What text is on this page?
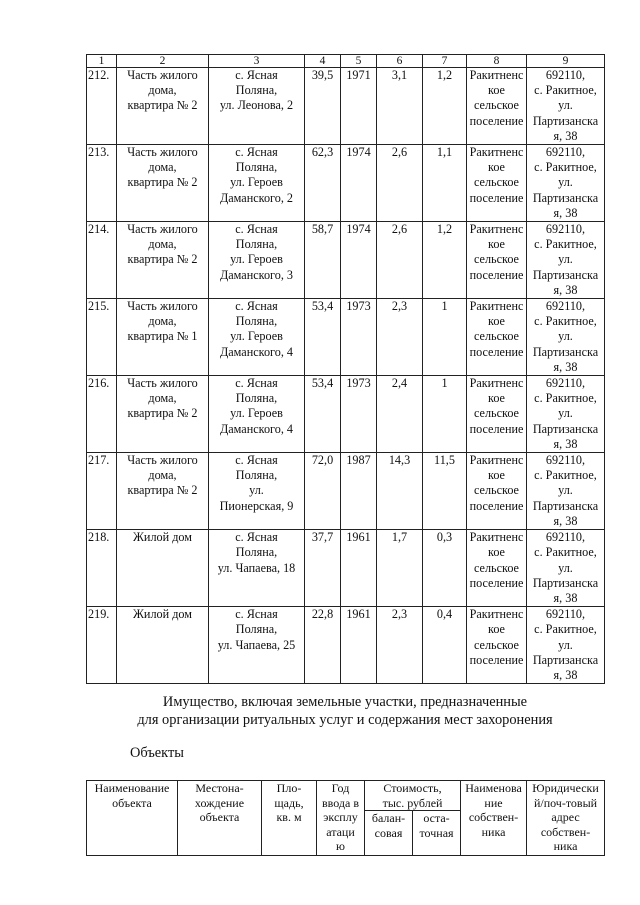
1	2	3	4	5	6	7	8	9
212.	Часть жилого
дома,
квартира № 2	с. Ясная
Поляна,
ул. Леонова, 2	39,5	1971	3,1	1,2	Ракитненс
кое
сельское
поселение	692110,
с. Ракитное,
ул.
Партизанска
я, 38
213.	Часть жилого
дома,
квартира № 2	с. Ясная
Поляна,
ул. Героев
Даманского, 2	62,3	1974	2,6	1,1	Ракитненс
кое
сельское
поселение	692110,
с. Ракитное,
ул.
Партизанска
я, 38
214.	Часть жилого
дома,
квартира № 2	с. Ясная
Поляна,
ул. Героев
Даманского, 3	58,7	1974	2,6	1,2	Ракитненс
кое
сельское
поселение	692110,
с. Ракитное,
ул.
Партизанска
я, 38
215.	Часть жилого
дома,
квартира № 1	с. Ясная
Поляна,
ул. Героев
Даманского, 4	53,4	1973	2,3	1	Ракитненс
кое
сельское
поселение	692110,
с. Ракитное,
ул.
Партизанска
я, 38
216.	Часть жилого
дома,
квартира № 2	с. Ясная
Поляна,
ул. Героев
Даманского, 4	53,4	1973	2,4	1	Ракитненс
кое
сельское
поселение	692110,
с. Ракитное,
ул.
Партизанска
я, 38
217.	Часть жилого
дома,
квартира № 2	с. Ясная
Поляна,
ул.
Пионерская, 9	72,0	1987	14,3	11,5	Ракитненс
кое
сельское
поселение	692110,
с. Ракитное,
ул.
Партизанска
я, 38
218.	Жилой дом	с. Ясная
Поляна,
ул. Чапаева, 18	37,7	1961	1,7	0,3	Ракитненс
кое
сельское
поселение	692110,
с. Ракитное,
ул.
Партизанска
я, 38
219.	Жилой дом	с. Ясная
Поляна,
ул. Чапаева, 25	22,8	1961	2,3	0,4	Ракитненс
кое
сельское
поселение	692110,
с. Ракитное,
ул.
Партизанска
я, 38
Имущество, включая земельные участки, предназначенные
для организации ритуальных услуг и содержания мест захоронения
Объекты
Наименование
объекта	Местона-
хождение
объекта	Пло-
щадь,
кв. м	Год
ввода в
эксплу
атаци
ю	Стоимость,
тыс. рублей		Наименова
ние
собствен-
ника	Юридически
й/поч-товый
адрес
собствен-
ника
				балан-
совая	оста-
точная		
